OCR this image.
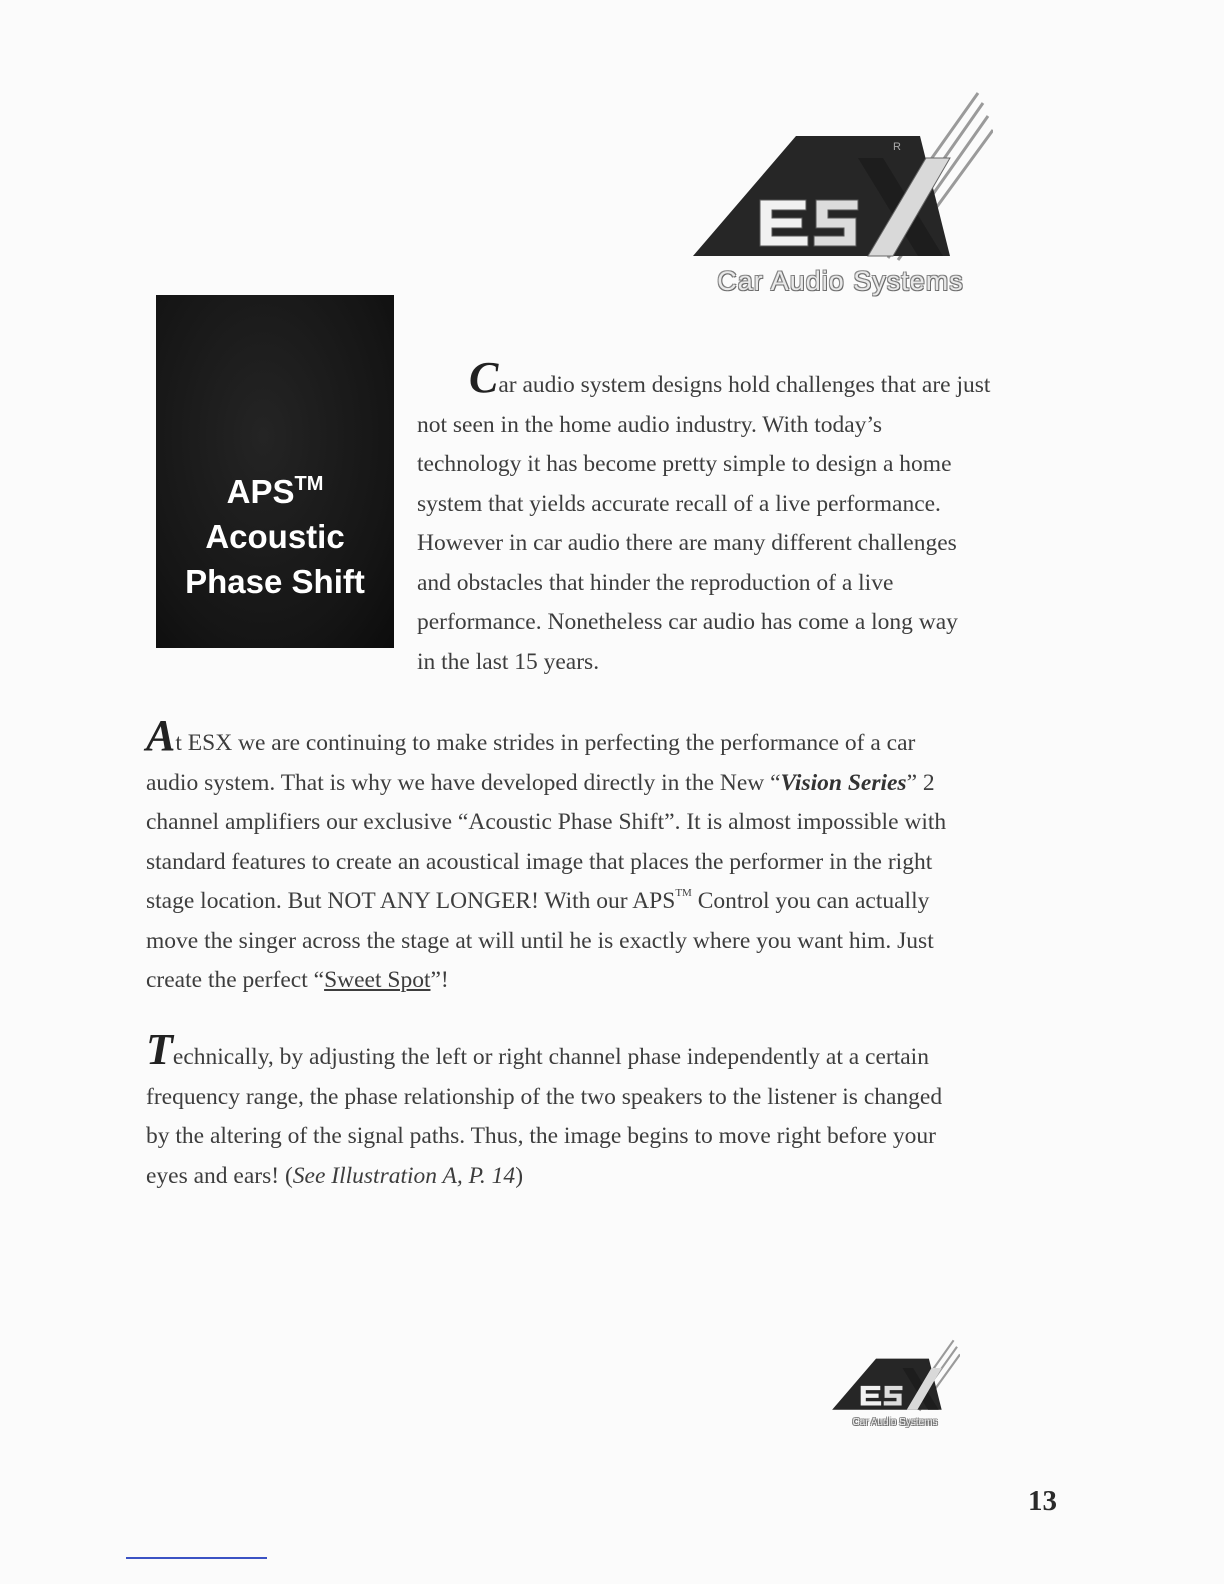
R
Car Audio Systems
APS™
Acoustic
Phase Shift

Car audio system designs hold challenges that are just
not seen in the home audio industry. With today’s
technology it has become pretty simple to design a home
system that yields accurate recall of a live performance.
However in car audio there are many different challenges
and obstacles that hinder the reproduction of a live
performance. Nonetheless car audio has come a long way
in the last 15 years.

At ESX we are continuing to make strides in perfecting the performance of a car
audio system. That is why we have developed directly in the New “Vision Series” 2
channel amplifiers our exclusive “Acoustic Phase Shift”. It is almost impossible with
standard features to create an acoustical image that places the performer in the right
stage location. But NOT ANY LONGER! With our APS™ Control you can actually
move the singer across the stage at will until he is exactly where you want him. Just
create the perfect “Sweet Spot”!

Technically, by adjusting the left or right channel phase independently at a certain
frequency range, the phase relationship of the two speakers to the listener is changed
by the altering of the signal paths. Thus, the image begins to move right before your
eyes and ears! (See Illustration A, P. 14)

Car Audio Systems
13
